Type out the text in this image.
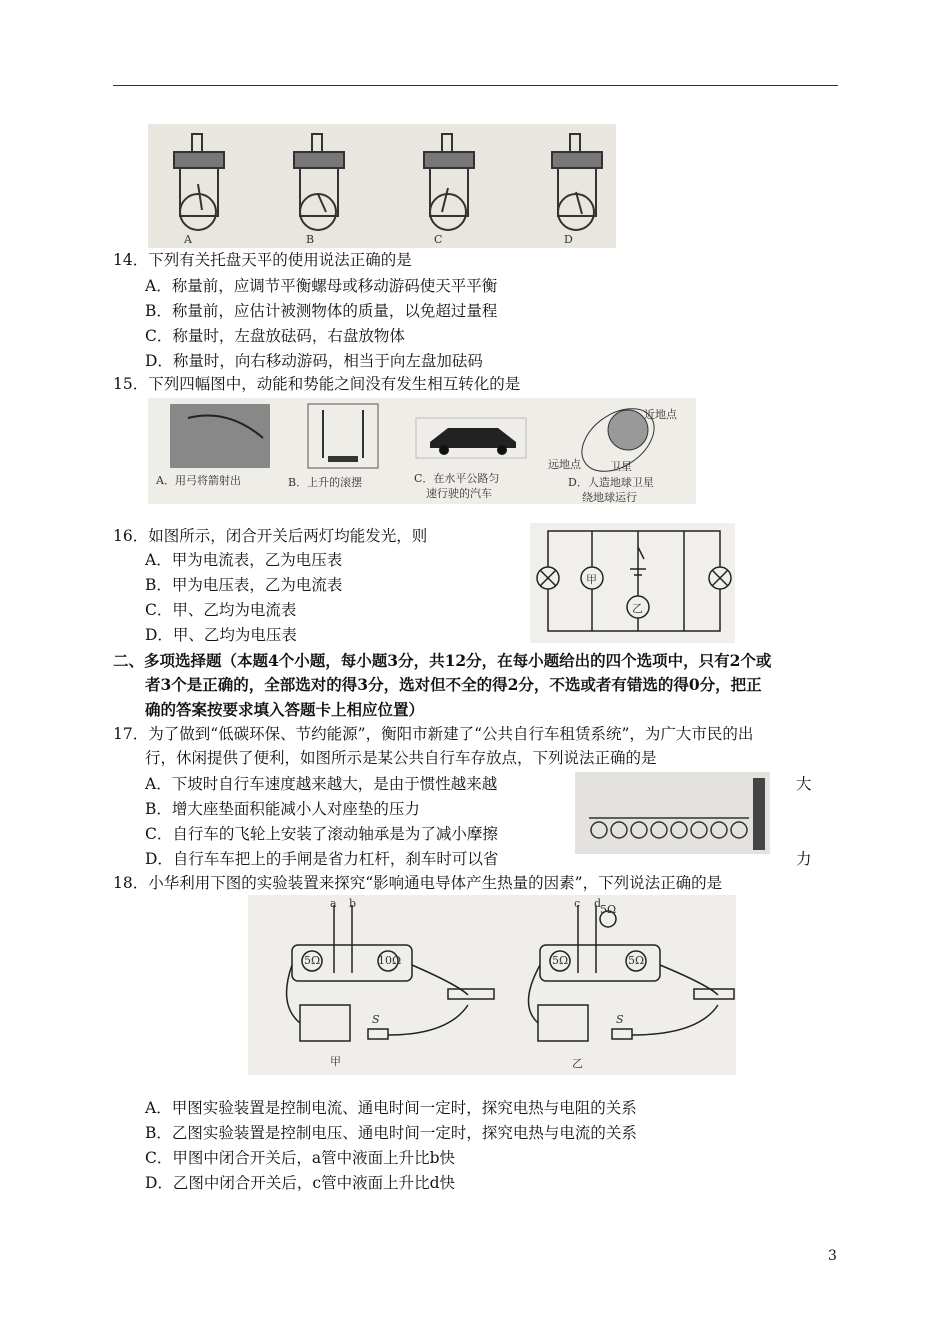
A	B	C	D
14．下列有关托盘天平的使用说法正确的是
A．称量前，应调节平衡螺母或移动游码使天平平衡
B．称量前，应估计被测物体的质量，以免超过量程
C．称量时，左盘放砝码，右盘放物体
D．称量时，向右移动游码，相当于向左盘加砝码
15．下列四幅图中，动能和势能之间没有发生相互转化的是
A．用弓将箭射出	B．上升的滚摆	C．在水平公路匀
速行驶的汽车
D．人造地球卫星
绕地球运行
近地点
远地点	卫星
16．如图所示，闭合开关后两灯均能发光，则
A．甲为电流表，乙为电压表
B．甲为电压表，乙为电流表
C．甲、乙均为电流表
D．甲、乙均为电压表
甲
乙
二、多项选择题（本题4个小题，每小题3分，共12分，在每小题给出的四个选项中，只有2个或
者3个是正确的，全部选对的得3分，选对但不全的得2分，不选或者有错选的得0分，把正
确的答案按要求填入答题卡上相应位置）
17．为了做到“低碳环保、节约能源”，衡阳市新建了“公共自行车租赁系统”，为广大市民的出
行，休闲提供了便利，如图所示是某公共自行车存放点，下列说法正确的是
A．下坡时自行车速度越来越大，是由于惯性越来越	大
B．增大座垫面积能减小人对座垫的压力
C．自行车的飞轮上安装了滚动轴承是为了减小摩擦
D．自行车车把上的手闸是省力杠杆，刹车时可以省	力
18．小华利用下图的实验装置来探究“影响通电导体产生热量的因素”，下列说法正确的是
a b
5Ω	10Ω
S
甲
c d
5Ω
5Ω	5Ω
S
乙
A．甲图实验装置是控制电流、通电时间一定时，探究电热与电阻的关系
B．乙图实验装置是控制电压、通电时间一定时，探究电热与电流的关系
C．甲图中闭合开关后，a管中液面上升比b快
D．乙图中闭合开关后，c管中液面上升比d快
3
